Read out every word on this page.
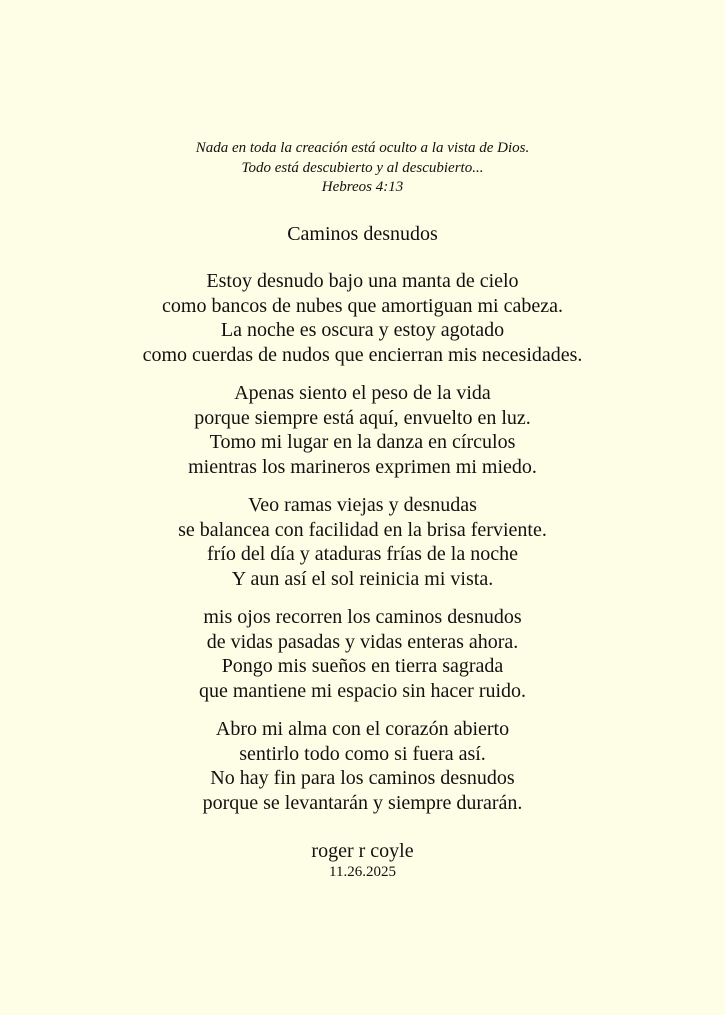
Nada en toda la creación está oculto a la vista de Dios.
Todo está descubierto y al descubierto...
Hebreos 4:13
Caminos desnudos
Estoy desnudo bajo una manta de cielo
como bancos de nubes que amortiguan mi cabeza.
La noche es oscura y estoy agotado
como cuerdas de nudos que encierran mis necesidades.
Apenas siento el peso de la vida
porque siempre está aquí, envuelto en luz.
Tomo mi lugar en la danza en círculos
mientras los marineros exprimen mi miedo.
Veo ramas viejas y desnudas
se balancea con facilidad en la brisa ferviente.
frío del día y ataduras frías de la noche
Y aun así el sol reinicia mi vista.
mis ojos recorren los caminos desnudos
de vidas pasadas y vidas enteras ahora.
Pongo mis sueños en tierra sagrada
que mantiene mi espacio sin hacer ruido.
Abro mi alma con el corazón abierto
sentirlo todo como si fuera así.
No hay fin para los caminos desnudos
porque se levantarán y siempre durarán.
roger r coyle
11.26.2025
